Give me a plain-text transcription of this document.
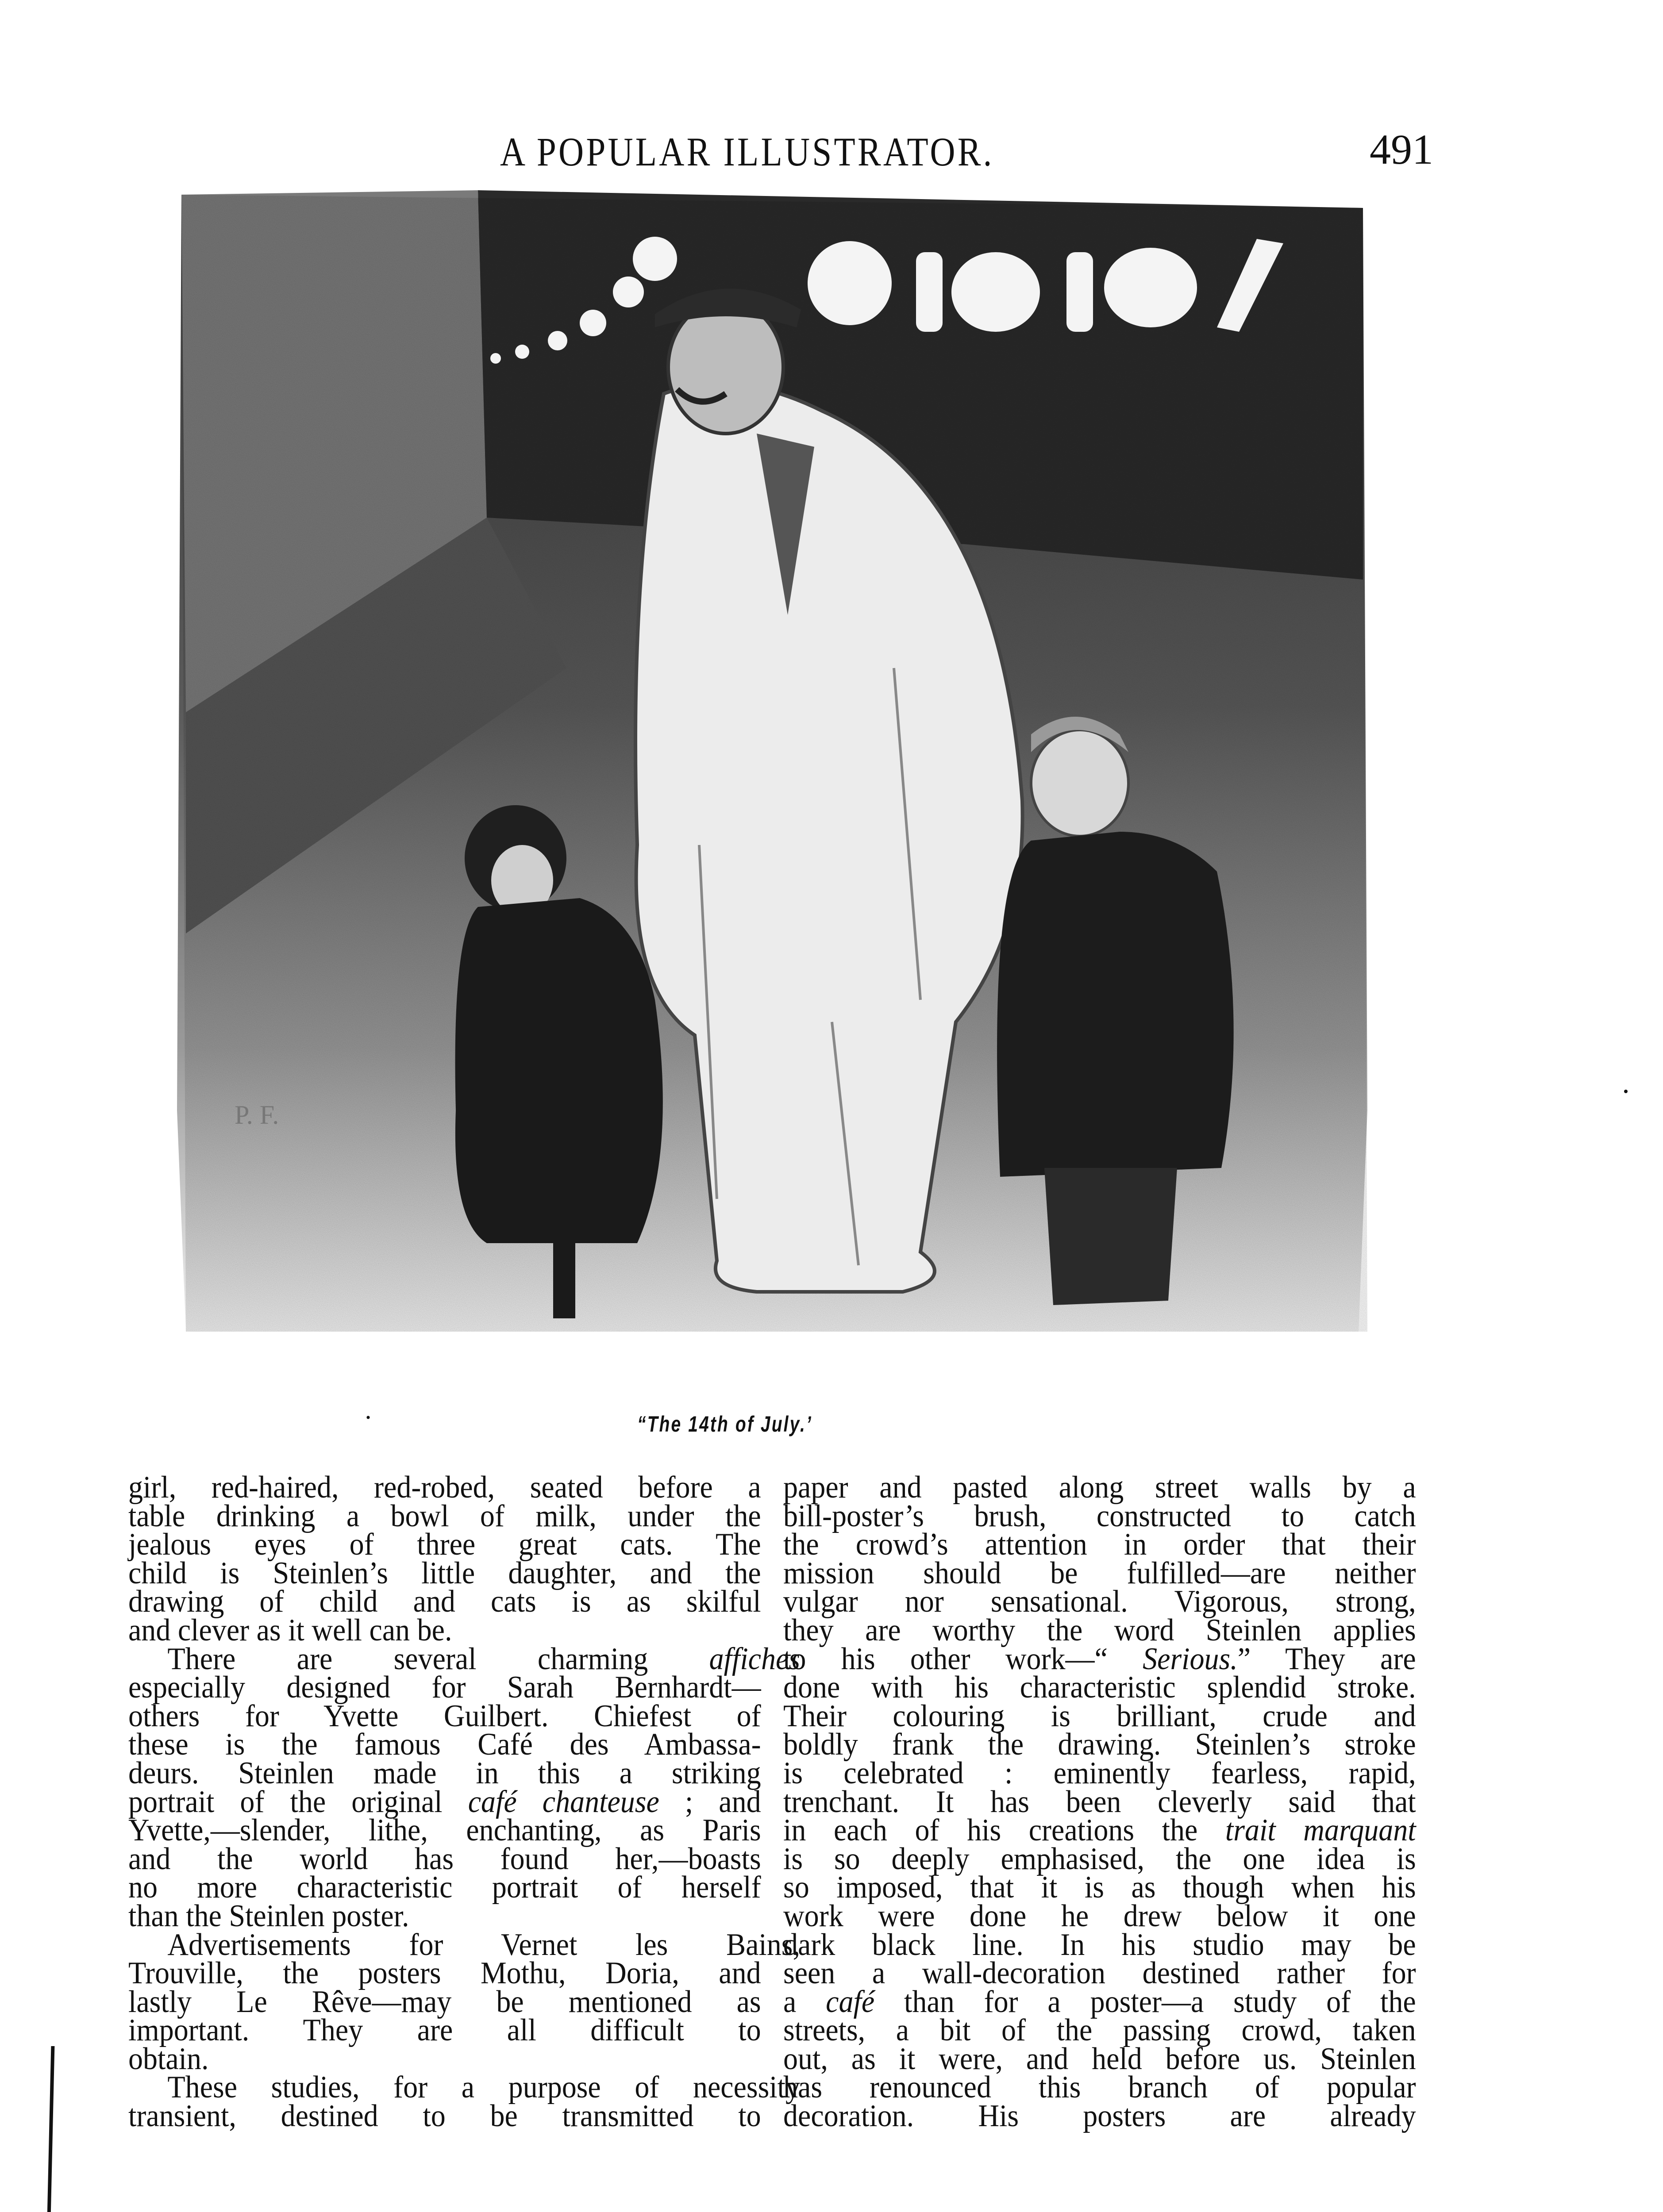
A POPULAR ILLUSTRATOR.	491
P. F.
·	“The 14th of July.’

girl, red-haired, red-robed, seated before a
table drinking a bowl of milk, under the
jealous eyes of three great cats. The
child is Steinlen’s little daughter, and the
drawing of child and cats is as skilful
and clever as it well can be.

There are several charming affiches
especially designed for Sarah Bernhardt—
others for Yvette Guilbert. Chiefest of
these is the famous Café des Ambassa-
deurs. Steinlen made in this a striking
portrait of the original café chanteuse ; and
Yvette,—slender, lithe, enchanting, as Paris
and the world has found her,—boasts
no more characteristic portrait of herself
than the Steinlen poster.

Advertisements for Vernet les Bains,
Trouville, the posters Mothu, Doria, and
lastly Le Rêve—may be mentioned as
important. They are all difficult to
obtain.

These studies, for a purpose of necessity
transient, destined to be transmitted to

paper and pasted along street walls by a
bill-poster’s brush, constructed to catch
the crowd’s attention in order that their
mission should be fulfilled—are neither
vulgar nor sensational. Vigorous, strong,
they are worthy the word Steinlen applies
to his other work—“ Serious.” They are
done with his characteristic splendid stroke.
Their colouring is brilliant, crude and
boldly frank the drawing. Steinlen’s stroke
is celebrated : eminently fearless, rapid,
trenchant. It has been cleverly said that
in each of his creations the trait marquant
is so deeply emphasised, the one idea is
so imposed, that it is as though when his
work were done he drew below it one
dark black line. In his studio may be
seen a wall-decoration destined rather for
a café than for a poster—a study of the
streets, a bit of the passing crowd, taken
out, as it were, and held before us. Steinlen
has renounced this branch of popular
decoration. His posters are already
